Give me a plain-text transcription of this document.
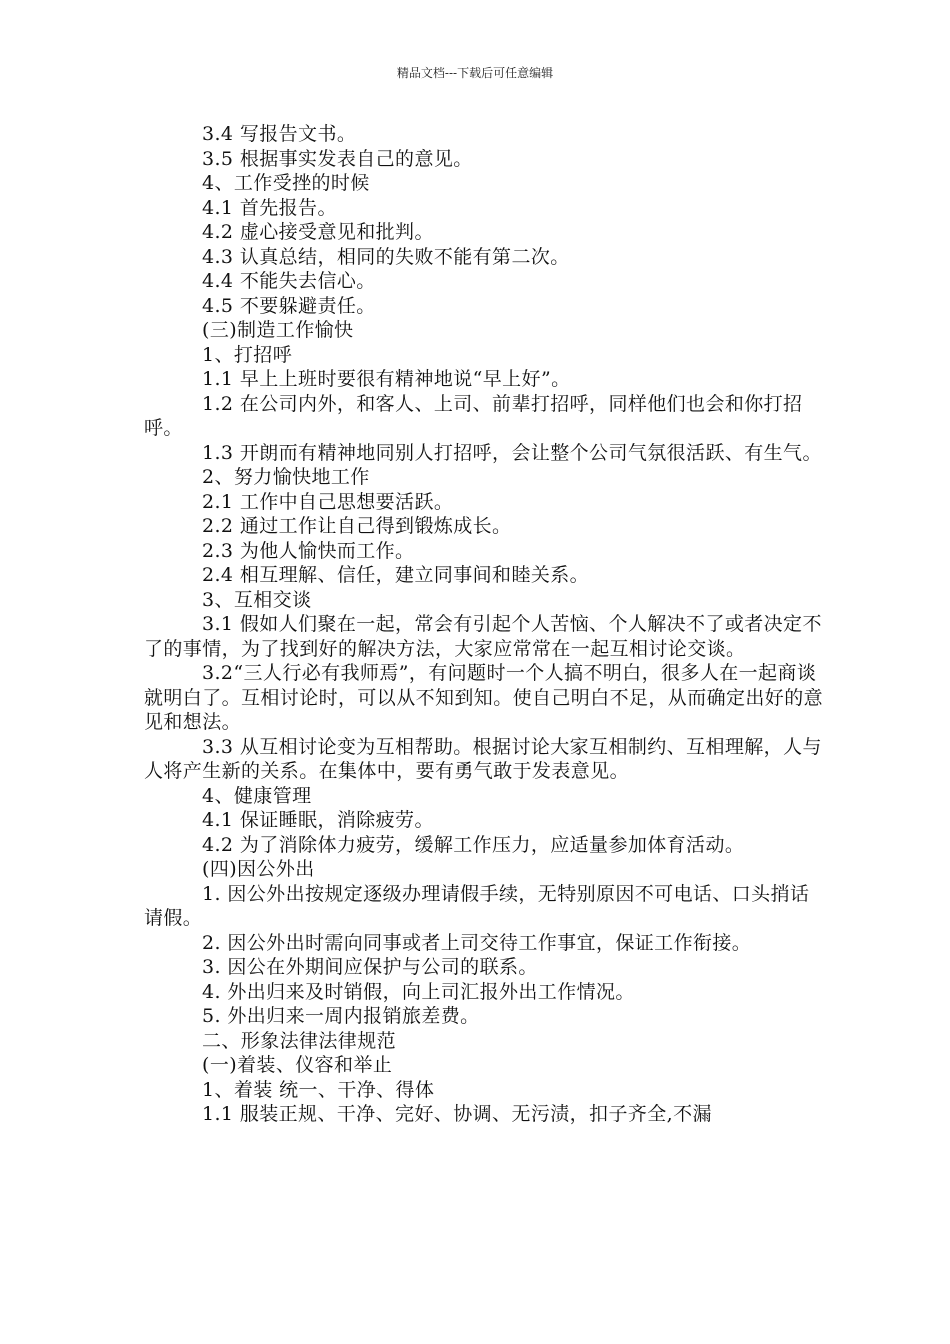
精品文档---下载后可任意编辑

3.4 写报告文书。

3.5 根据事实发表自己的意见。

4、工作受挫的时候

4.1 首先报告。

4.2 虚心接受意见和批判。

4.3 认真总结，相同的失败不能有第二次。

4.4 不能失去信心。

4.5 不要躲避责任。

(三)制造工作愉快

1、打招呼

1.1 早上上班时要很有精神地说“早上好”。

1.2 在公司内外，和客人、上司、前辈打招呼，同样他们也会和你打招呼。

1.3 开朗而有精神地同别人打招呼，会让整个公司气氛很活跃、有生气。

2、努力愉快地工作

2.1 工作中自己思想要活跃。

2.2 通过工作让自己得到锻炼成长。

2.3 为他人愉快而工作。

2.4 相互理解、信任，建立同事间和睦关系。

3、互相交谈

3.1 假如人们聚在一起，常会有引起个人苦恼、个人解决不了或者决定不了的事情，为了找到好的解决方法，大家应常常在一起互相讨论交谈。

3.2“三人行必有我师焉”，有问题时一个人搞不明白，很多人在一起商谈就明白了。互相讨论时，可以从不知到知。使自己明白不足，从而确定出好的意见和想法。

3.3 从互相讨论变为互相帮助。根据讨论大家互相制约、互相理解，人与人将产生新的关系。在集体中，要有勇气敢于发表意见。

4、健康管理

4.1 保证睡眠，消除疲劳。

4.2 为了消除体力疲劳，缓解工作压力，应适量参加体育活动。

(四)因公外出

1. 因公外出按规定逐级办理请假手续，无特别原因不可电话、口头捎话请假。

2. 因公外出时需向同事或者上司交待工作事宜，保证工作衔接。

3. 因公在外期间应保护与公司的联系。

4. 外出归来及时销假，向上司汇报外出工作情况。

5. 外出归来一周内报销旅差费。

二、形象法律法律规范

(一)着装、仪容和举止

1、着装 统一、干净、得体

1.1 服装正规、干净、完好、协调、无污渍，扣子齐全,不漏
